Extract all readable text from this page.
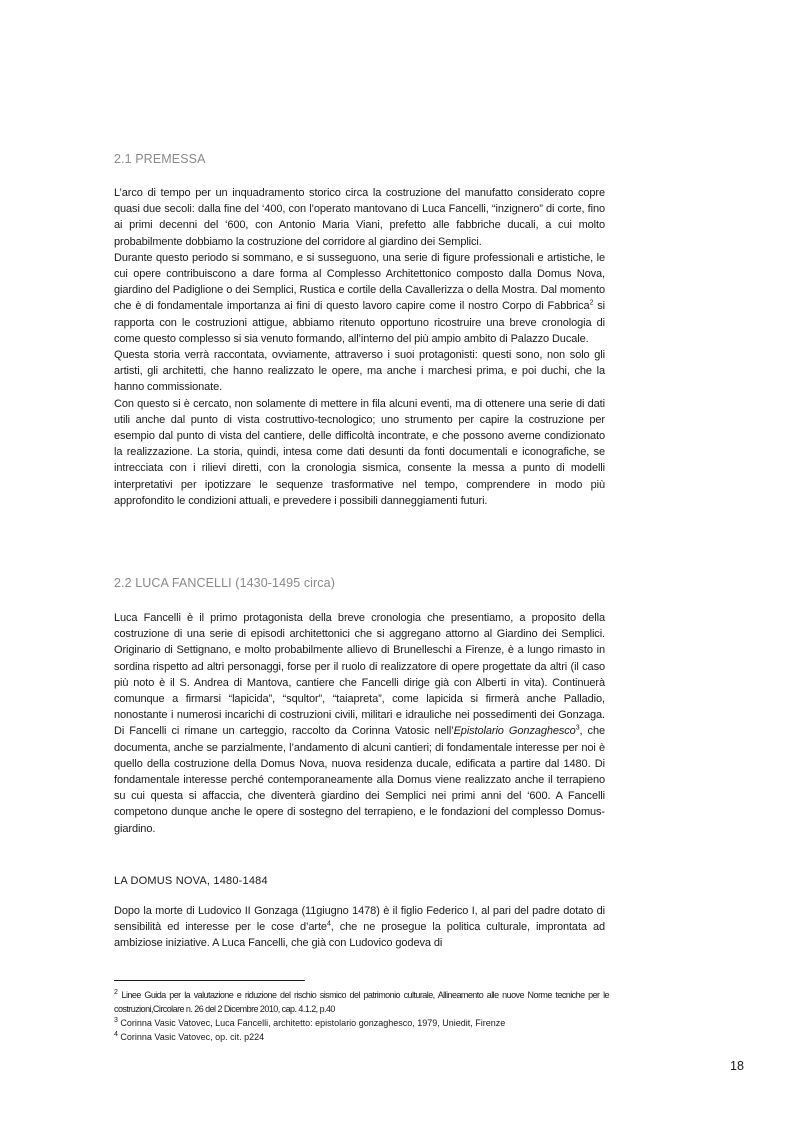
2.1 PREMESSA

L’arco di tempo per un inquadramento storico circa la costruzione del manufatto considerato copre quasi due secoli: dalla fine del ‘400, con l’operato mantovano di Luca Fancelli, “inzignero” di corte, fino ai primi decenni del ‘600, con Antonio Maria Viani, prefetto alle fabbriche ducali, a cui molto probabilmente dobbiamo la costruzione del corridore al giardino dei Semplici.

Durante questo periodo si sommano, e si susseguono, una serie di figure professionali e artistiche, le cui opere contribuiscono a dare forma al Complesso Architettonico composto dalla Domus Nova, giardino del Padiglione o dei Semplici, Rustica e cortile della Cavallerizza o della Mostra. Dal momento che è di fondamentale importanza ai fini di questo lavoro capire come il nostro Corpo di Fabbrica$^2$ si rapporta con le costruzioni attigue, abbiamo ritenuto opportuno ricostruire una breve cronologia di come questo complesso si sia venuto formando, all’interno del più ampio ambito di Palazzo Ducale.

Questa storia verrà raccontata, ovviamente, attraverso i suoi protagonisti: questi sono, non solo gli artisti, gli architetti, che hanno realizzato le opere, ma anche i marchesi prima, e poi duchi, che la hanno commissionate.

Con questo si è cercato, non solamente di mettere in fila alcuni eventi, ma di ottenere una serie di dati utili anche dal punto di vista costruttivo-tecnologico; uno strumento per capire la costruzione per esempio dal punto di vista del cantiere, delle difficoltà incontrate, e che possono averne condizionato la realizzazione. La storia, quindi, intesa come dati desunti da fonti documentali e iconografiche, se intrecciata con i rilievi diretti, con la cronologia sismica, consente la messa a punto di modelli interpretativi per ipotizzare le sequenze trasformative nel tempo, comprendere in modo più approfondito le condizioni attuali, e prevedere i possibili danneggiamenti futuri.

2.2 LUCA FANCELLI (1430-1495 circa)

Luca Fancelli è il primo protagonista della breve cronologia che presentiamo, a proposito della costruzione di una serie di episodi architettonici che si aggregano attorno al Giardino dei Semplici. Originario di Settignano, e molto probabilmente allievo di Brunelleschi a Firenze, è a lungo rimasto in sordina rispetto ad altri personaggi, forse per il ruolo di realizzatore di opere progettate da altri (il caso più noto è il S. Andrea di Mantova, cantiere che Fancelli dirige già con Alberti in vita). Continuerà comunque a firmarsi “lapicida”, “squltor”, “taiapreta”, come lapicida si firmerà anche Palladio, nonostante i numerosi incarichi di costruzioni civili, militari e idrauliche nei possedimenti dei Gonzaga. Di Fancelli ci rimane un carteggio, raccolto da Corinna Vatosic nell’Epistolario Gonzaghesco$^3$, che documenta, anche se parzialmente, l’andamento di alcuni cantieri; di fondamentale interesse per noi è quello della costruzione della Domus Nova, nuova residenza ducale, edificata a partire dal 1480. Di fondamentale interesse perché contemporaneamente alla Domus viene realizzato anche il terrapieno su cui questa si affaccia, che diventerà giardino dei Semplici nei primi anni del ‘600. A Fancelli competono dunque anche le opere di sostegno del terrapieno, e le fondazioni del complesso Domus-giardino.

LA DOMUS NOVA, 1480-1484

Dopo la morte di Ludovico II Gonzaga (11giugno 1478) è il figlio Federico I, al pari del padre dotato di sensibilità ed interesse per le cose d’arte$^4$, che ne prosegue la politica culturale, improntata ad ambiziose iniziative. A Luca Fancelli, che già con Ludovico godeva di

$^2$ Linee Guida per la valutazione e riduzione del rischio sismico del patrimonio culturale, Allineamento alle nuove Norme tecniche per le costruzioni,Circolare n. 26 del 2 Dicembre 2010, cap. 4.1.2, p.40
$^3$ Corinna Vasic Vatovec, Luca Fancelli, architetto: epistolario gonzaghesco, 1979, Uniedit, Firenze
$^4$ Corinna Vasic Vatovec, op. cit. p224
18
